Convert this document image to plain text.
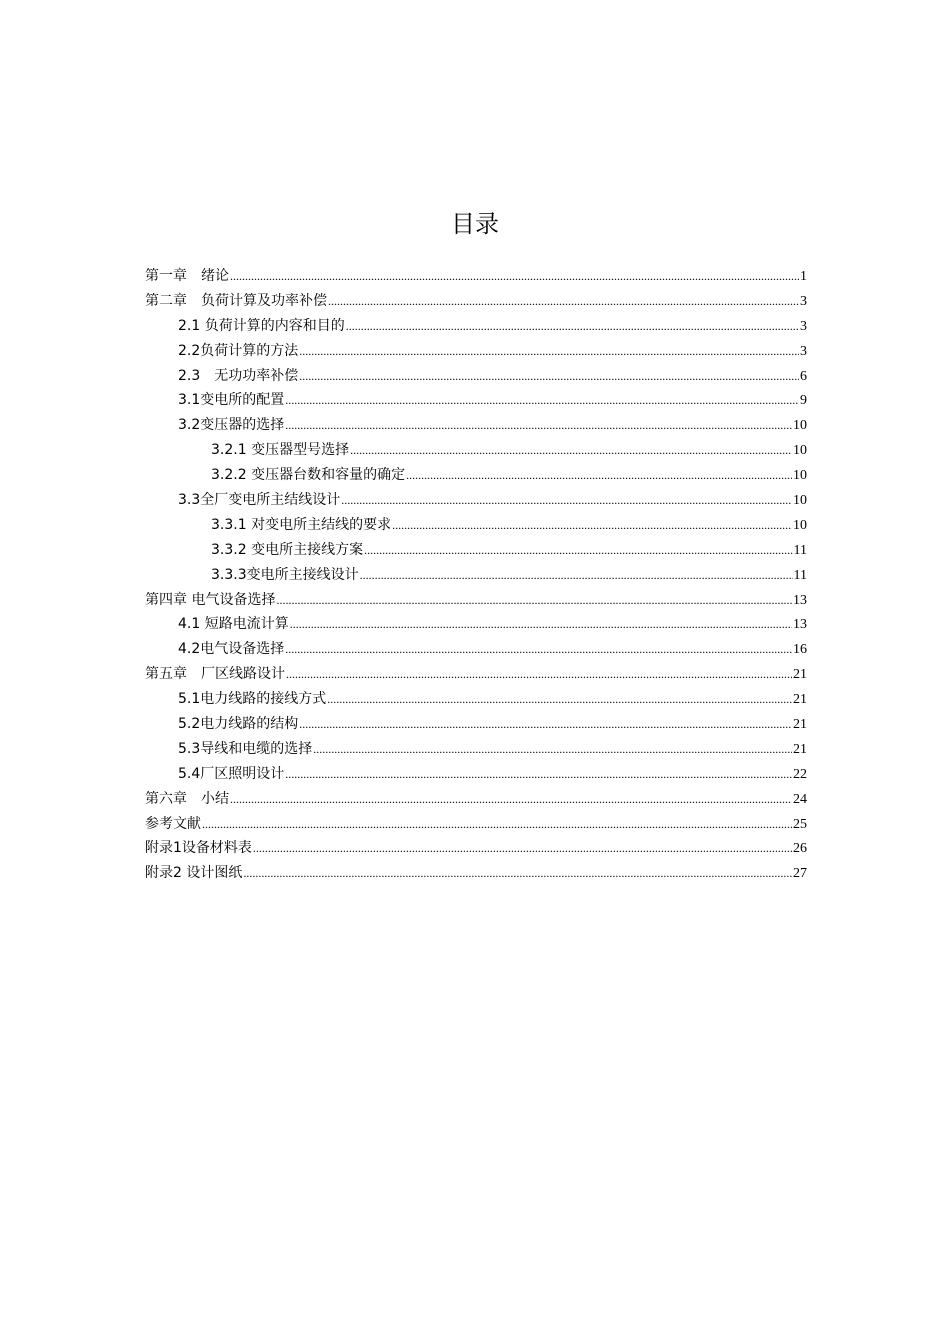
目录
第一章　绪论 .....	1
第二章　负荷计算及功率补偿 .....	3
2.1 负荷计算的内容和目的 .....	3
2.2负荷计算的方法 .....	3
2.3　无功功率补偿 .....	6
3.1变电所的配置 .....	9
3.2变压器的选择 .....	10
3.2.1 变压器型号选择 .....	10
3.2.2 变压器台数和容量的确定 .....	10
3.3全厂变电所主结线设计 .....	10
3.3.1 对变电所主结线的要求 .....	10
3.3.2 变电所主接线方案 .....	11
3.3.3变电所主接线设计 .....	11
第四章 电气设备选择 .....	13
4.1 短路电流计算 .....	13
4.2电气设备选择 .....	16
第五章　厂区线路设计 .....	21
5.1电力线路的接线方式 .....	21
5.2电力线路的结构 .....	21
5.3导线和电缆的选择 .....	21
5.4厂区照明设计 .....	22
第六章　小结 .....	24
参考文献 .....	25
附录1设备材料表 .....	26
附录2 设计图纸 .....	27
